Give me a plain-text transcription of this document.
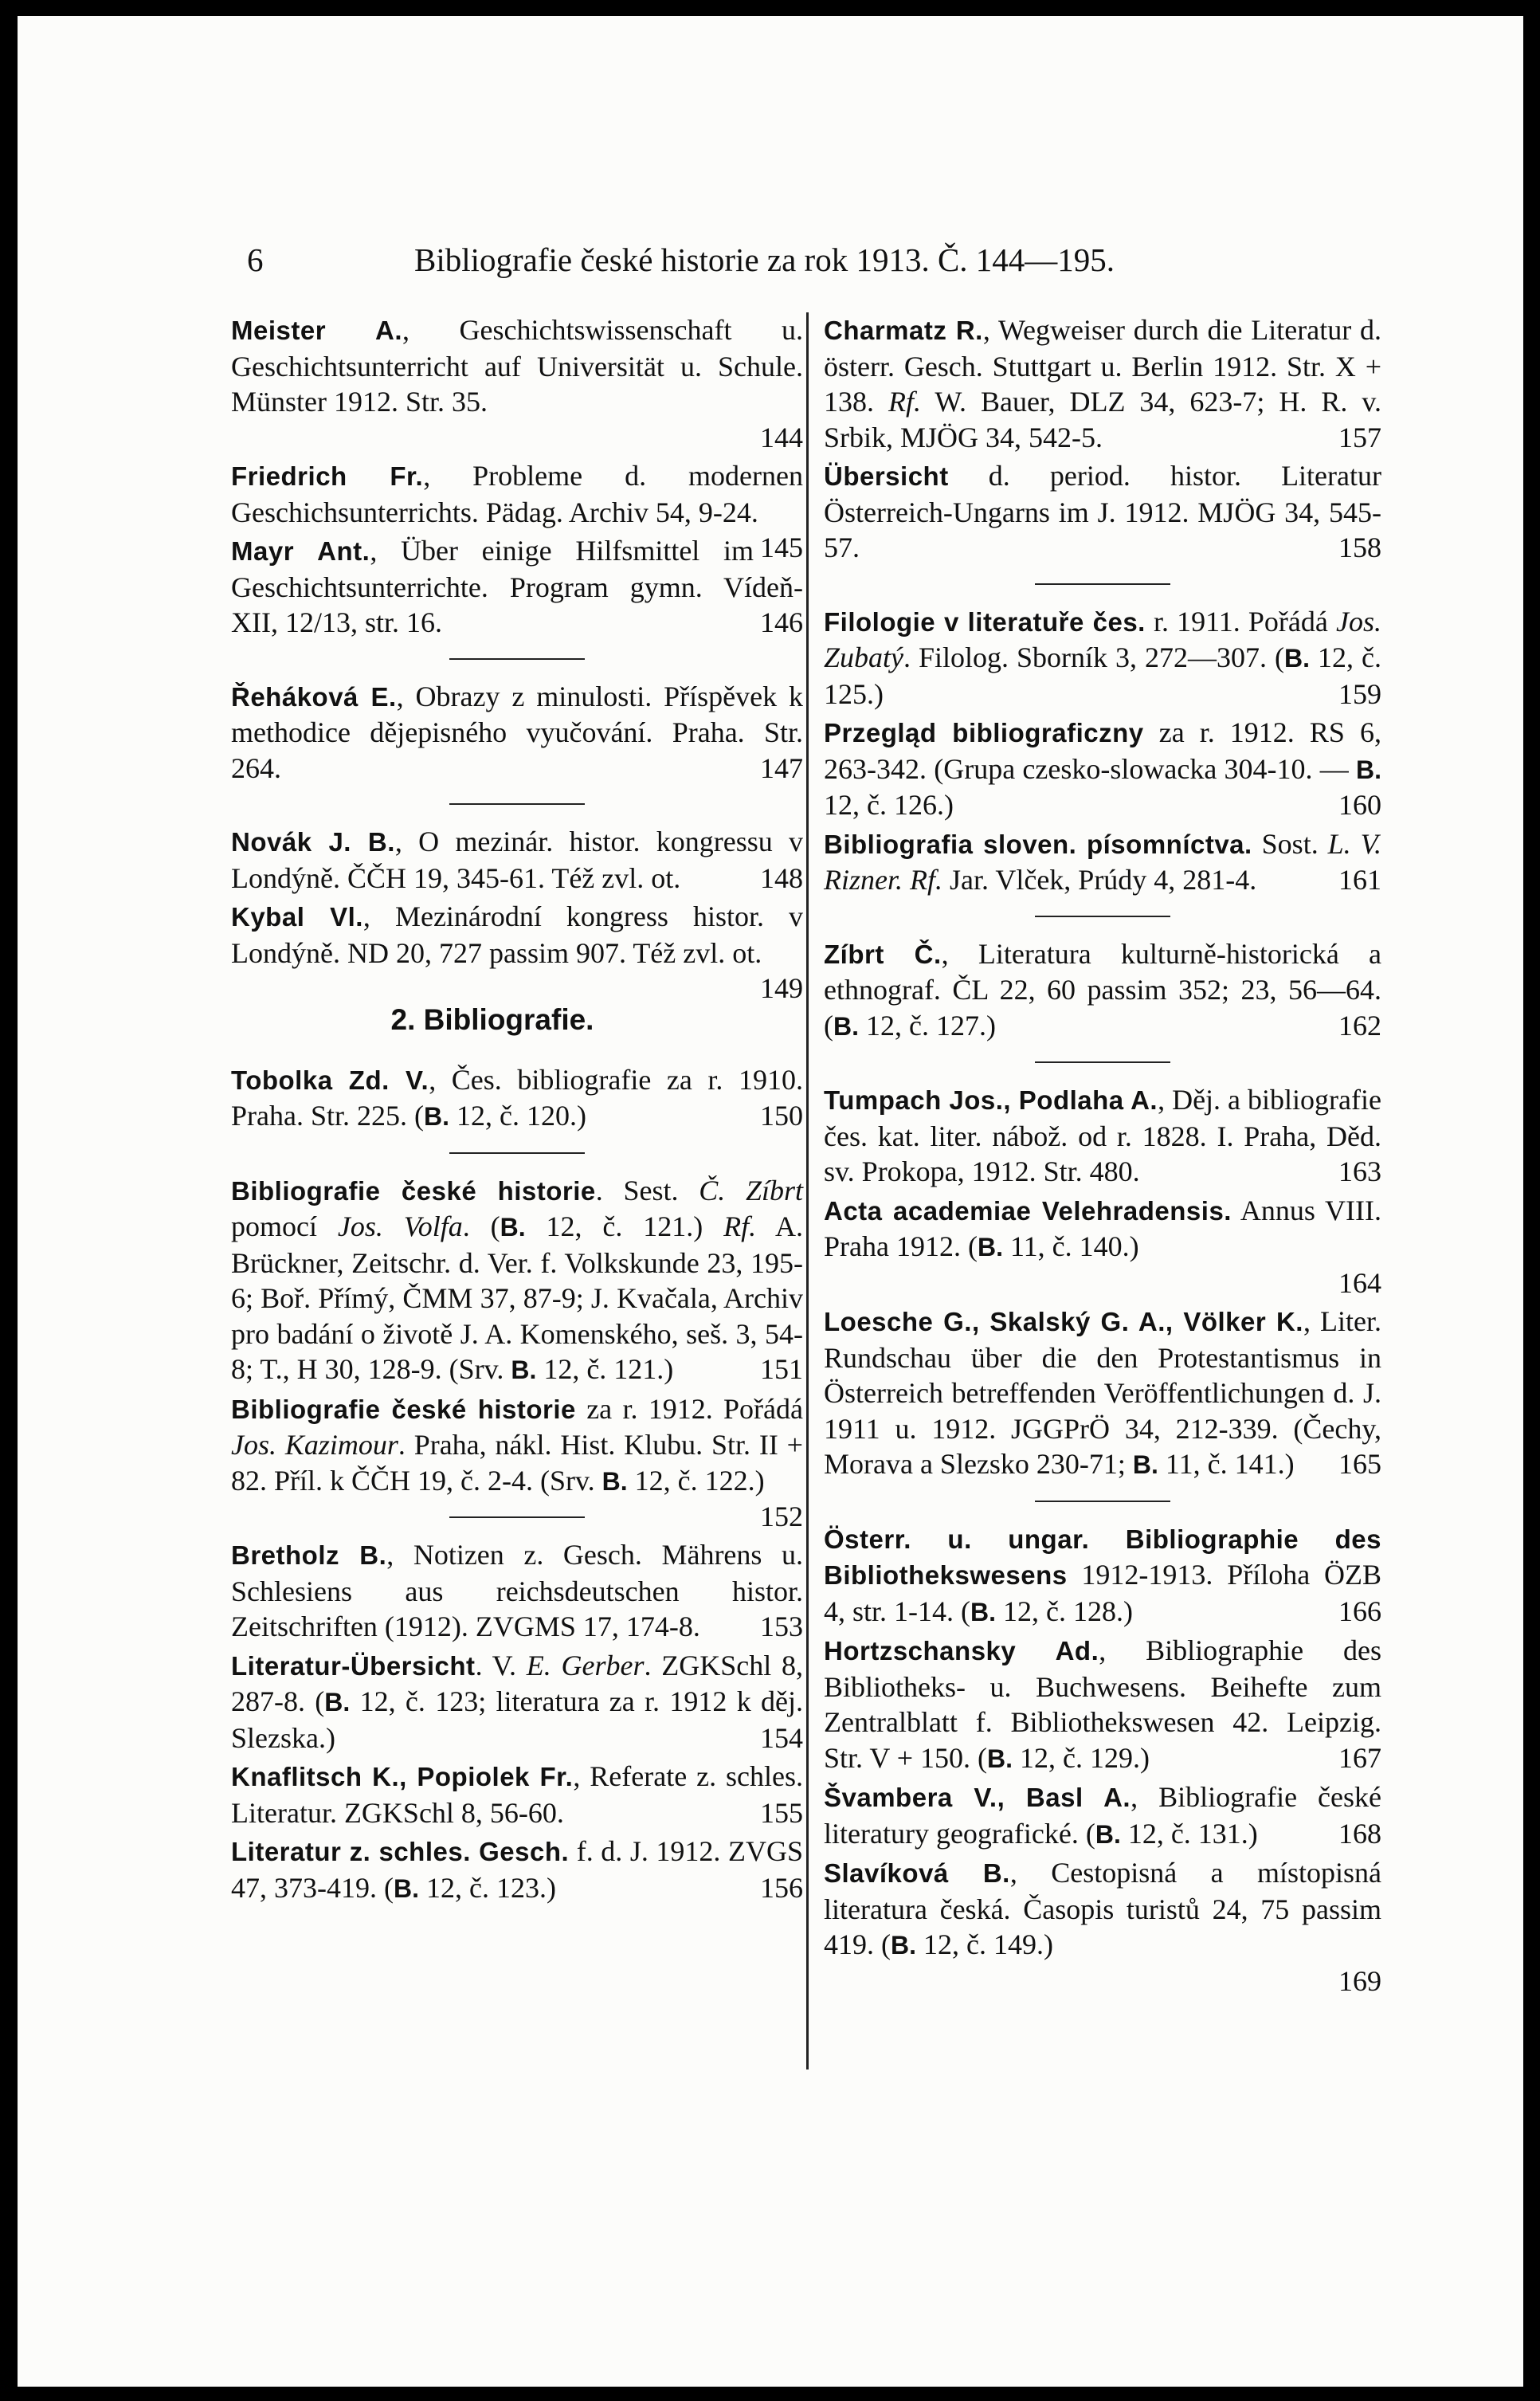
6	Bibliografie české historie za rok 1913. Č. 144—195.

Meister A., Geschichtswissenschaft u. Geschichtsunterricht auf Universität u. Schule. Münster 1912. Str. 35.
144

Friedrich Fr., Probleme d. modernen Geschichsunterrichts. Pädag. Archiv 54, 9-24.
145

Mayr Ant., Über einige Hilfsmittel im Geschichtsunterrichte. Program gymn. Vídeň-XII, 12/13, str. 16.	146

Řeháková E., Obrazy z minulosti. Příspěvek k methodice dějepisného vyučování. Praha. Str. 264.	147

Novák J. B., O mezinár. histor. kongressu v Londýně. ČČH 19, 345-61. Též zvl. ot.	148

Kybal Vl., Mezinárodní kongress histor. v Londýně. ND 20, 727 passim 907. Též zvl. ot.
149

2. Bibliografie.

Tobolka Zd. V., Čes. bibliografie za r. 1910. Praha. Str. 225. (B. 12, č. 120.)	150

Bibliografie české historie. Sest. Č. Zíbrt pomocí Jos. Volfa. (B. 12, č. 121.) Rf. A. Brückner, Zeitschr. d. Ver. f. Volkskunde 23, 195-6; Boř. Přímý, ČMM 37, 87-9; J. Kvačala, Archiv pro badání o životě J. A. Komenského, seš. 3, 54-8; T., H 30, 128-9. (Srv. B. 12, č. 121.)	151

Bibliografie české historie za r. 1912. Pořádá Jos. Kazimour. Praha, nákl. Hist. Klubu. Str. II + 82. Příl. k ČČH 19, č. 2-4. (Srv. B. 12, č. 122.)
152

Bretholz B., Notizen z. Gesch. Mährens u. Schlesiens aus reichsdeutschen histor. Zeitschriften (1912). ZVGMS 17, 174-8. 153

Literatur-Übersicht. V. E. Gerber. ZGKSchl 8, 287-8. (B. 12, č. 123; literatura za r. 1912 k děj. Slezska.)	154

Knaflitsch K., Popiolek Fr., Referate z. schles. Literatur. ZGKSchl 8, 56-60.	155

Literatur z. schles. Gesch. f. d. J. 1912. ZVGS 47, 373-419. (B. 12, č. 123.)	156

Charmatz R., Wegweiser durch die Literatur d. österr. Gesch. Stuttgart u. Berlin 1912. Str. X + 138. Rf. W. Bauer, DLZ 34, 623-7; H. R. v. Srbik, MJÖG 34, 542-5.	157

Übersicht d. period. histor. Literatur Österreich-Ungarns im J. 1912. MJÖG 34, 545-57.	158

Filologie v literatuře čes. r. 1911. Pořádá Jos. Zubatý. Filolog. Sborník 3, 272—307. (B. 12, č. 125.)	159

Przegląd bibliograficzny za r. 1912. RS 6, 263-342. (Grupa czesko-slowacka 304-10. — B. 12, č. 126.)	160

Bibliografia sloven. písomníctva. Sost. L. V. Rizner. Rf. Jar. Vlček, Prúdy 4, 281-4.	161

Zíbrt Č., Literatura kulturně-historická a ethnograf. ČL 22, 60 passim 352; 23, 56—64. (B. 12, č. 127.)	162

Tumpach Jos., Podlaha A., Děj. a bibliografie čes. kat. liter. nábož. od r. 1828. I. Praha, Děd. sv. Prokopa, 1912. Str. 480.	163

Acta academiae Velehradensis. Annus VIII. Praha 1912. (B. 11, č. 140.)
164

Loesche G., Skalský G. A., Völker K., Liter. Rundschau über die den Protestantismus in Österreich betreffenden Veröffentlichungen d. J. 1911 u. 1912. JGGPrÖ 34, 212-339. (Čechy, Morava a Slezsko 230-71; B. 11, č. 141.) 165

Österr. u. ungar. Bibliographie des Bibliothekswesens 1912-1913. Příloha ÖZB 4, str. 1-14. (B. 12, č. 128.)	166

Hortzschansky Ad., Bibliographie des Bibliotheks- u. Buchwesens. Beihefte zum Zentralblatt f. Bibliothekswesen 42. Leipzig. Str. V + 150. (B. 12, č. 129.)	167

Švambera V., Basl A., Bibliografie české literatury geografické. (B. 12, č. 131.)	168

Slavíková B., Cestopisná a místopisná literatura česká. Časopis turistů 24, 75 passim 419. (B. 12, č. 149.)
169
